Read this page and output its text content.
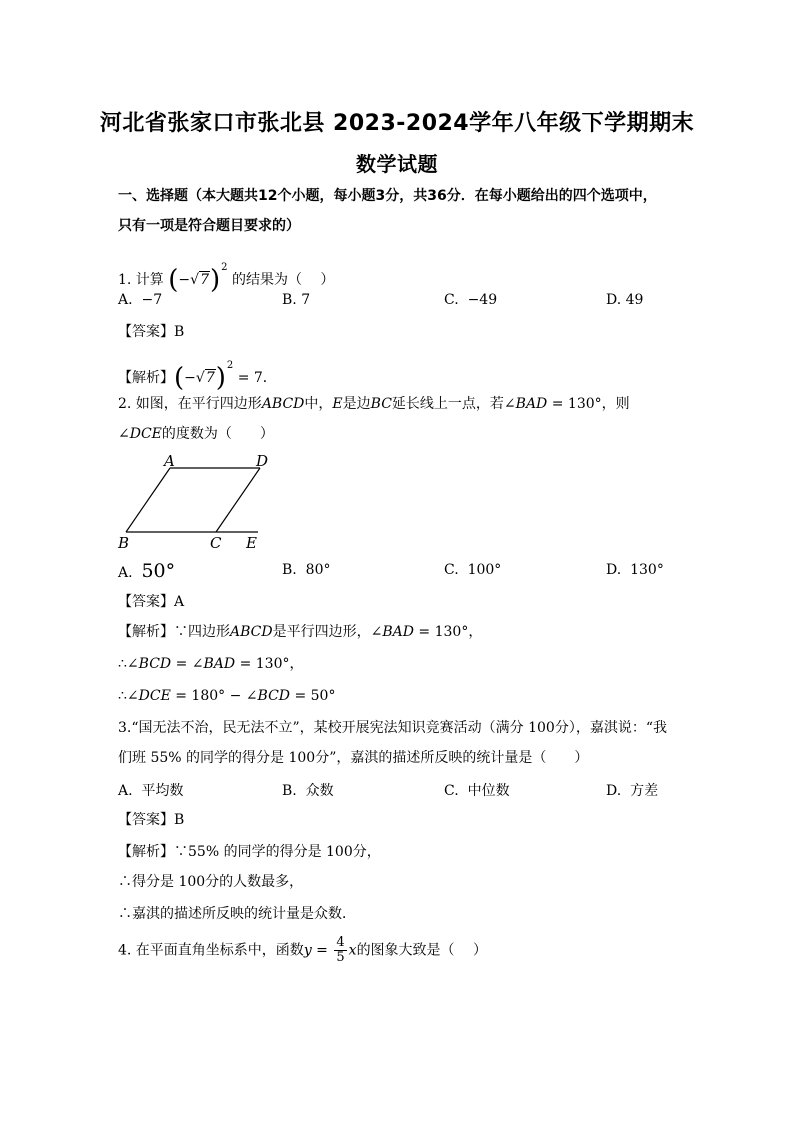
河北省张家口市张北县 2023-2024学年八年级下学期期末
数学试题
一、选择题（本大题共12个小题，每小题3分，共36分．在每小题给出的四个选项中，
只有一项是符合题目要求的）
1. 计算 $(-√7)^2$ 的结果为（　 ）
A. −7	B. 7	C. −49	D. 49
【答案】B
【解析】$(-√7)^2 = 7$．
2. 如图，在平行四边形ABCD中，E是边BC延长线上一点，若∠BAD = 130°，则
∠DCE的度数为（　　）
A	D
B	C E
A. 50°	B. 80°	C. 100°	D. 130°
【答案】A
【解析】∵四边形ABCD是平行四边形，∠BAD = 130°，
∴∠BCD = ∠BAD = 130°，
∴∠DCE = 180° − ∠BCD = 50°
3.“国无法不治，民无法不立”，某校开展宪法知识竞赛活动（满分 100分），嘉淇说：“我
们班 55% 的同学的得分是 100分”，嘉淇的描述所反映的统计量是（　　）
A. 平均数	B. 众数	C. 中位数	D. 方差
【答案】B
【解析】∵55% 的同学的得分是 100分，
∴得分是 100分的人数最多，
∴嘉淇的描述所反映的统计量是众数．
4. 在平面直角坐标系中，函数$y = \frac{4}{5}$ x的图象大致是（　 ）
